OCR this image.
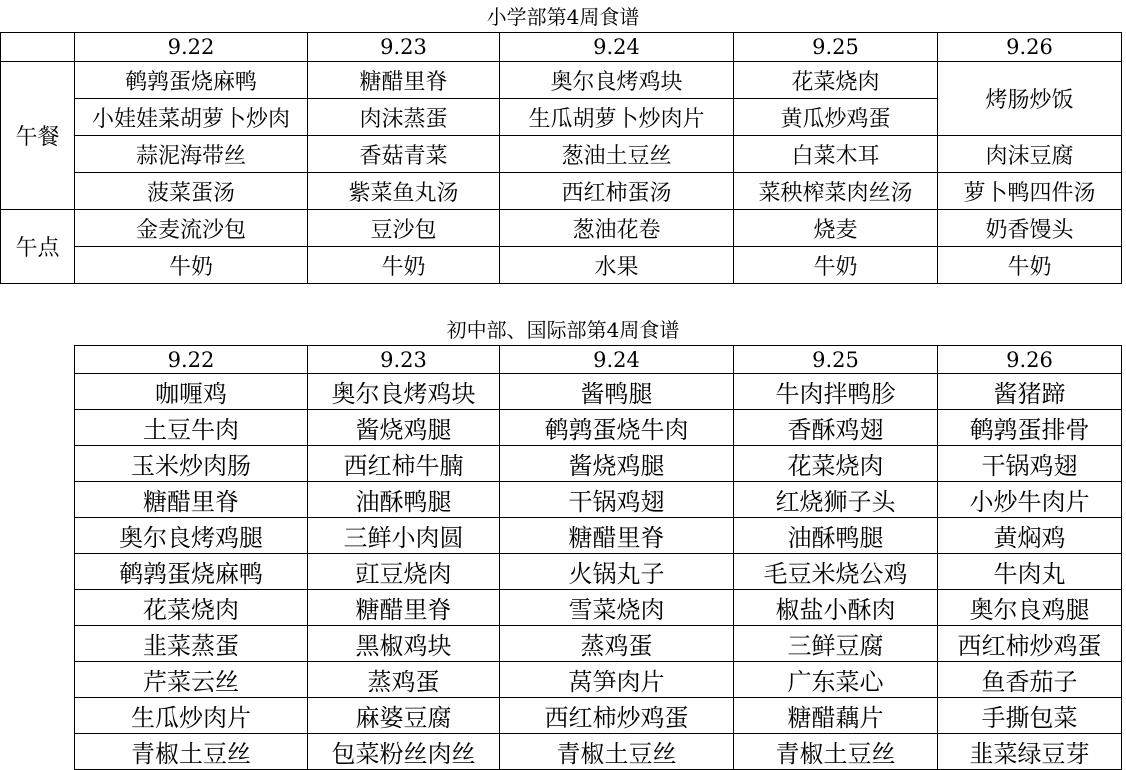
小学部第4周食谱
	9.22	9.23	9.24	9.25	9.26
午餐	鹌鹑蛋烧麻鸭	糖醋里脊	奥尔良烤鸡块	花菜烧肉	烤肠炒饭
	小娃娃菜胡萝卜炒肉	肉沫蒸蛋	生瓜胡萝卜炒肉片	黄瓜炒鸡蛋	
	蒜泥海带丝	香菇青菜	葱油土豆丝	白菜木耳	肉沫豆腐
	菠菜蛋汤	紫菜鱼丸汤	西红柿蛋汤	菜秧榨菜肉丝汤	萝卜鸭四件汤
午点	金麦流沙包	豆沙包	葱油花卷	烧麦	奶香馒头
	牛奶	牛奶	水果	牛奶	牛奶
初中部、国际部第4周食谱
9.22	9.23	9.24	9.25	9.26
咖喱鸡	奥尔良烤鸡块	酱鸭腿	牛肉拌鸭胗	酱猪蹄
土豆牛肉	酱烧鸡腿	鹌鹑蛋烧牛肉	香酥鸡翅	鹌鹑蛋排骨
玉米炒肉肠	西红柿牛腩	酱烧鸡腿	花菜烧肉	干锅鸡翅
糖醋里脊	油酥鸭腿	干锅鸡翅	红烧狮子头	小炒牛肉片
奥尔良烤鸡腿	三鲜小肉圆	糖醋里脊	油酥鸭腿	黄焖鸡
鹌鹑蛋烧麻鸭	豇豆烧肉	火锅丸子	毛豆米烧公鸡	牛肉丸
花菜烧肉	糖醋里脊	雪菜烧肉	椒盐小酥肉	奥尔良鸡腿
韭菜蒸蛋	黑椒鸡块	蒸鸡蛋	三鲜豆腐	西红柿炒鸡蛋
芹菜云丝	蒸鸡蛋	莴笋肉片	广东菜心	鱼香茄子
生瓜炒肉片	麻婆豆腐	西红柿炒鸡蛋	糖醋藕片	手撕包菜
青椒土豆丝	包菜粉丝肉丝	青椒土豆丝	青椒土豆丝	韭菜绿豆芽
